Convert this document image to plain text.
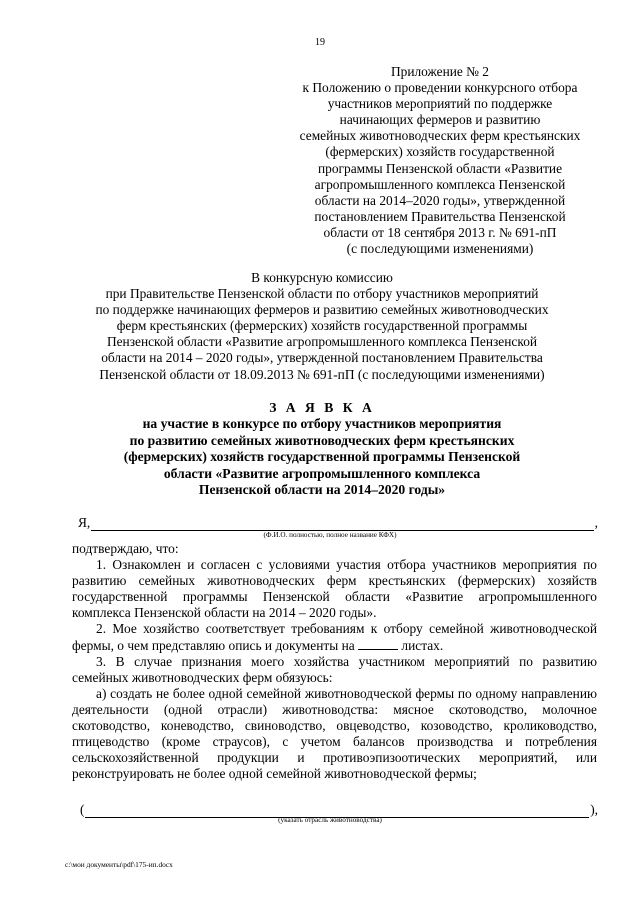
19
Приложение № 2
к Положению о проведении конкурсного отбора
участников мероприятий по поддержке
начинающих фермеров и развитию
семейных животноводческих ферм крестьянских
(фермерских) хозяйств государственной
программы Пензенской области «Развитие
агропромышленного комплекса Пензенской
области на 2014–2020 годы», утвержденной
постановлением Правительства Пензенской
области от 18 сентября 2013 г. № 691-пП
(с последующими изменениями)
В конкурсную комиссию
при Правительстве Пензенской области по отбору участников мероприятий
по поддержке начинающих фермеров и развитию семейных животноводческих
ферм крестьянских (фермерских) хозяйств государственной программы
Пензенской области «Развитие агропромышленного комплекса Пензенской
области на 2014 – 2020 годы», утвержденной постановлением Правительства
Пензенской области от 18.09.2013 № 691-пП (с последующими изменениями)
З А Я В К А
на участие в конкурсе по отбору участников мероприятия
по развитию семейных животноводческих ферм крестьянских
(фермерских) хозяйств государственной программы Пензенской
области «Развитие агропромышленного комплекса
Пензенской области на 2014–2020 годы»
Я,	,
(Ф.И.О. полностью, полное название КФХ)

подтверждаю, что:

1. Ознакомлен и согласен с условиями участия отбора участников мероприятия по развитию семейных животноводческих ферм крестьянских (фермерских) хозяйств государственной программы Пензенской области «Развитие агропромышленного комплекса Пензенской области на 2014 – 2020 годы».

2. Мое хозяйство соответствует требованиям к отбору семейной животноводческой фермы, о чем представляю опись и документы на	листах.

3. В случае признания моего хозяйства участником мероприятий по развитию семейных животноводческих ферм обязуюсь:

а) создать не более одной семейной животноводческой фермы по одному направлению деятельности (одной отрасли) животноводства: мясное скотоводство, молочное скотоводство, коневодство, свиноводство, овцеводство, козоводство, кролиководство, птицеводство (кроме страусов), с учетом балансов производства и потребления сельскохозяйственной продукции и противоэпизоотических мероприятий, или реконструировать не более одной семейной животноводческой фермы;

(	),
(указать отрасль животноводства)
c:\мои документы\pdf\175-ип.docx
